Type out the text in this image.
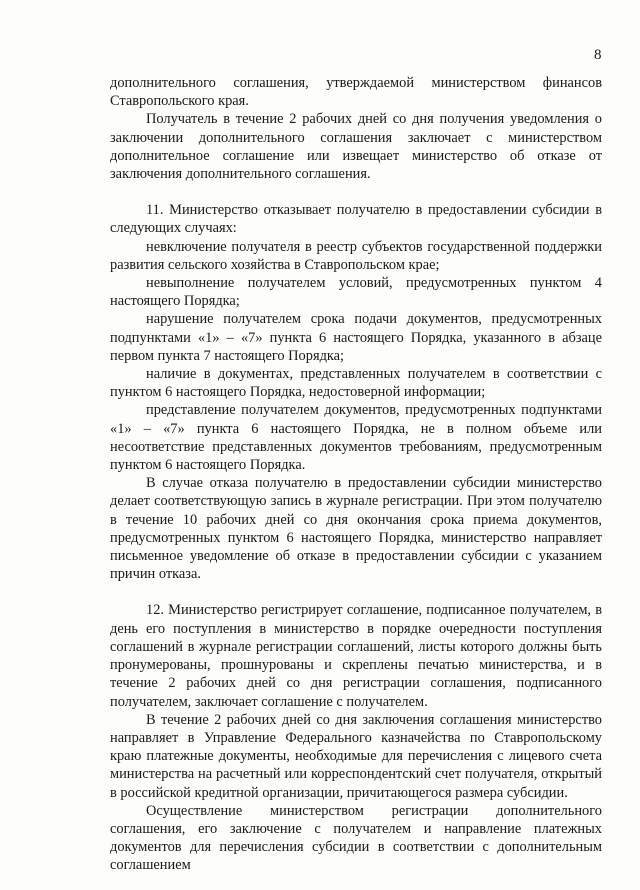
8

дополнительного соглашения, утверждаемой министерством финансов Ставропольского края.

Получатель в течение 2 рабочих дней со дня получения уведомления о заключении дополнительного соглашения заключает с министерством дополнительное соглашение или извещает министерство об отказе от заключения дополнительного соглашения.

11. Министерство отказывает получателю в предоставлении субсидии в следующих случаях:

невключение получателя в реестр субъектов государственной поддержки развития сельского хозяйства в Ставропольском крае;

невыполнение получателем условий, предусмотренных пунктом 4 настоящего Порядка;

нарушение получателем срока подачи документов, предусмотренных подпунктами «1» – «7» пункта 6 настоящего Порядка, указанного в абзаце первом пункта 7 настоящего Порядка;

наличие в документах, представленных получателем в соответствии с пунктом 6 настоящего Порядка, недостоверной информации;

представление получателем документов, предусмотренных подпунктами «1» – «7» пункта 6 настоящего Порядка, не в полном объеме или несоответствие представленных документов требованиям, предусмотренным пунктом 6 настоящего Порядка.

В случае отказа получателю в предоставлении субсидии министерство делает соответствующую запись в журнале регистрации. При этом получателю в течение 10 рабочих дней со дня окончания срока приема документов, предусмотренных пунктом 6 настоящего Порядка, министерство направляет письменное уведомление об отказе в предоставлении субсидии с указанием причин отказа.

12. Министерство регистрирует соглашение, подписанное получателем, в день его поступления в министерство в порядке очередности поступления соглашений в журнале регистрации соглашений, листы которого должны быть пронумерованы, прошнурованы и скреплены печатью министерства, и в течение 2 рабочих дней со дня регистрации соглашения, подписанного получателем, заключает соглашение с получателем.

В течение 2 рабочих дней со дня заключения соглашения министерство направляет в Управление Федерального казначейства по Ставропольскому краю платежные документы, необходимые для перечисления с лицевого счета министерства на расчетный или корреспондентский счет получателя, открытый в российской кредитной организации, причитающегося размера субсидии.

Осуществление министерством регистрации дополнительного соглашения, его заключение с получателем и направление платежных документов для перечисления субсидии в соответствии с дополнительным соглашением
